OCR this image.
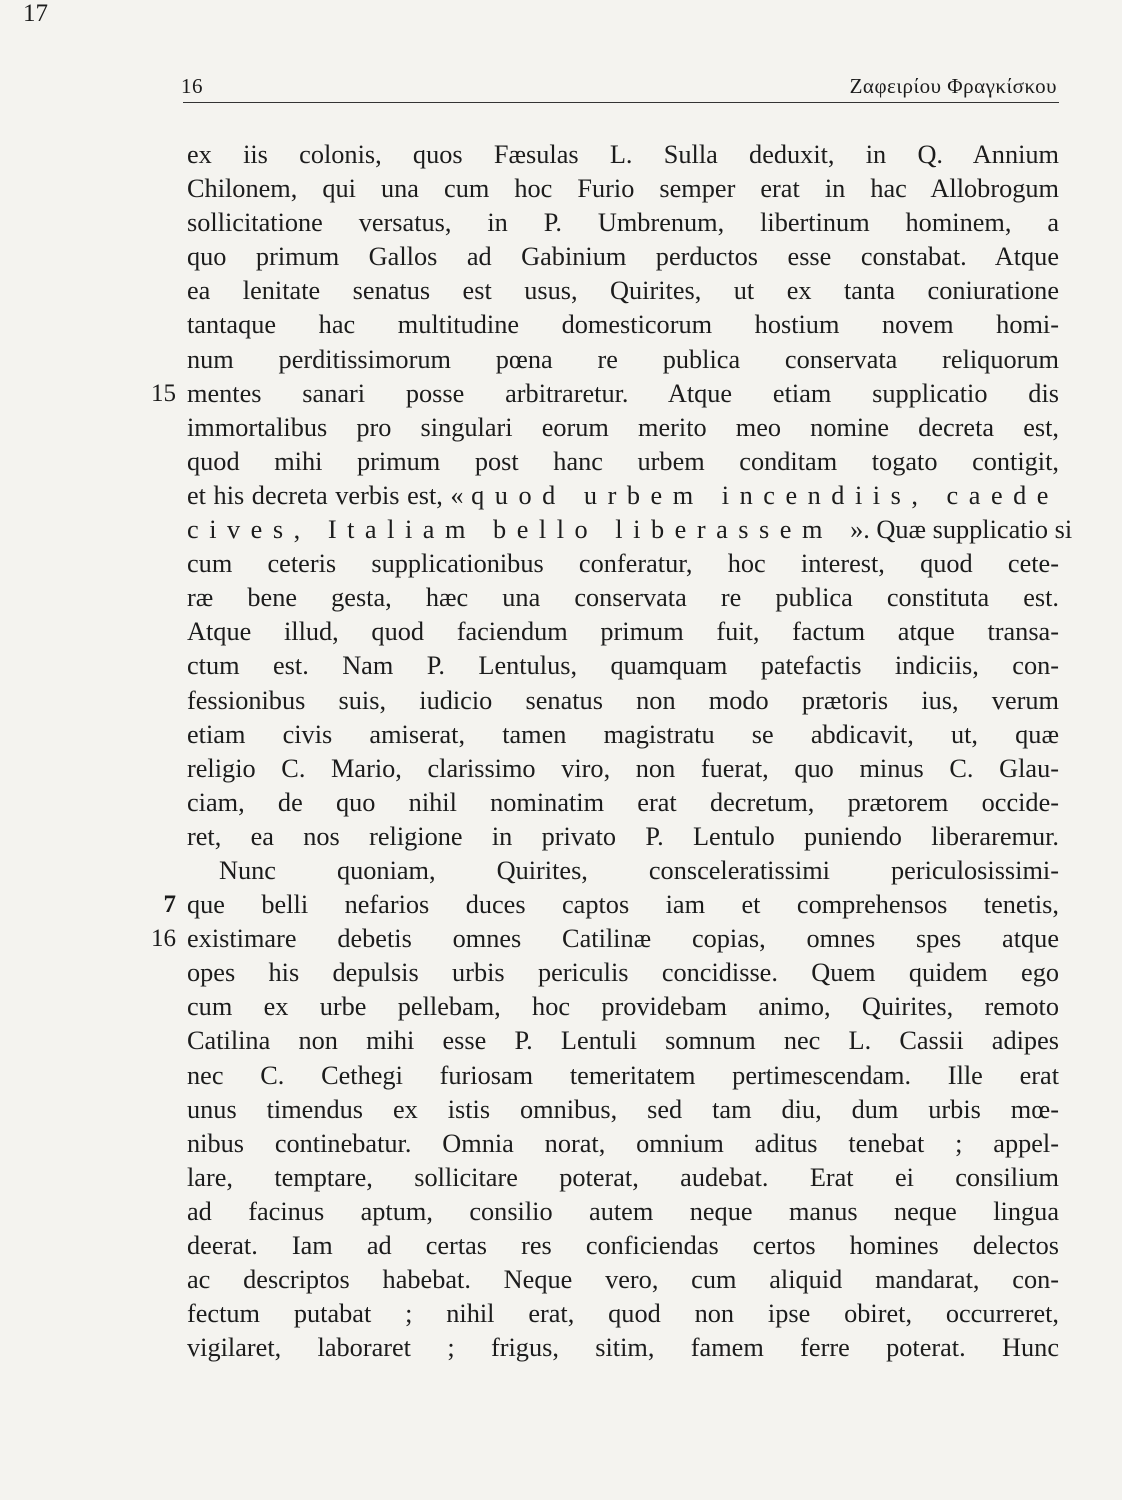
16	Ζαφειρίου Φραγκίσκου
15
7
16
17
ex iis colonis, quos Fæsulas L. Sulla deduxit, in Q. Annium
Chilonem, qui una cum hoc Furio semper erat in hac Allobrogum
sollicitatione versatus, in P. Umbrenum, libertinum hominem, a
quo primum Gallos ad Gabinium perductos esse constabat. Atque
ea lenitate senatus est usus, Quirites, ut ex tanta coniuratione
tantaque hac multitudine domesticorum hostium novem homi-
num perditissimorum pœna re publica conservata reliquorum
mentes sanari posse arbitraretur. Atque etiam supplicatio dis
immortalibus pro singulari eorum merito meo nomine decreta est,
quod mihi primum post hanc urbem conditam togato contigit,
et his decreta verbis est, « quod urbem incendiis, caede
cives, Italiam bello liberassem ». Quæ supplicatio si
cum ceteris supplicationibus conferatur, hoc interest, quod cete-
ræ bene gesta, hæc una conservata re publica constituta est.
Atque illud, quod faciendum primum fuit, factum atque transa-
ctum est. Nam P. Lentulus, quamquam patefactis indiciis, con-
fessionibus suis, iudicio senatus non modo prætoris ius, verum
etiam civis amiserat, tamen magistratu se abdicavit, ut, quæ
religio C. Mario, clarissimo viro, non fuerat, quo minus C. Glau-
ciam, de quo nihil nominatim erat decretum, prætorem occide-
ret, ea nos religione in privato P. Lentulo puniendo liberaremur.
Nunc quoniam, Quirites, consceleratissimi periculosissimi-
que belli nefarios duces captos iam et comprehensos tenetis,
existimare debetis omnes Catilinæ copias, omnes spes atque
opes his depulsis urbis periculis concidisse. Quem quidem ego
cum ex urbe pellebam, hoc providebam animo, Quirites, remoto
Catilina non mihi esse P. Lentuli somnum nec L. Cassii adipes
nec C. Cethegi furiosam temeritatem pertimescendam. Ille erat
unus timendus ex istis omnibus, sed tam diu, dum urbis mœ-
nibus continebatur. Omnia norat, omnium aditus tenebat ; appel-
lare, temptare, sollicitare poterat, audebat. Erat ei consilium
ad facinus aptum, consilio autem neque manus neque lingua
deerat. Iam ad certas res conficiendas certos homines delectos
ac descriptos habebat. Neque vero, cum aliquid mandarat, con-
fectum putabat ; nihil erat, quod non ipse obiret, occurreret,
vigilaret, laboraret ; frigus, sitim, famem ferre poterat. Hunc
